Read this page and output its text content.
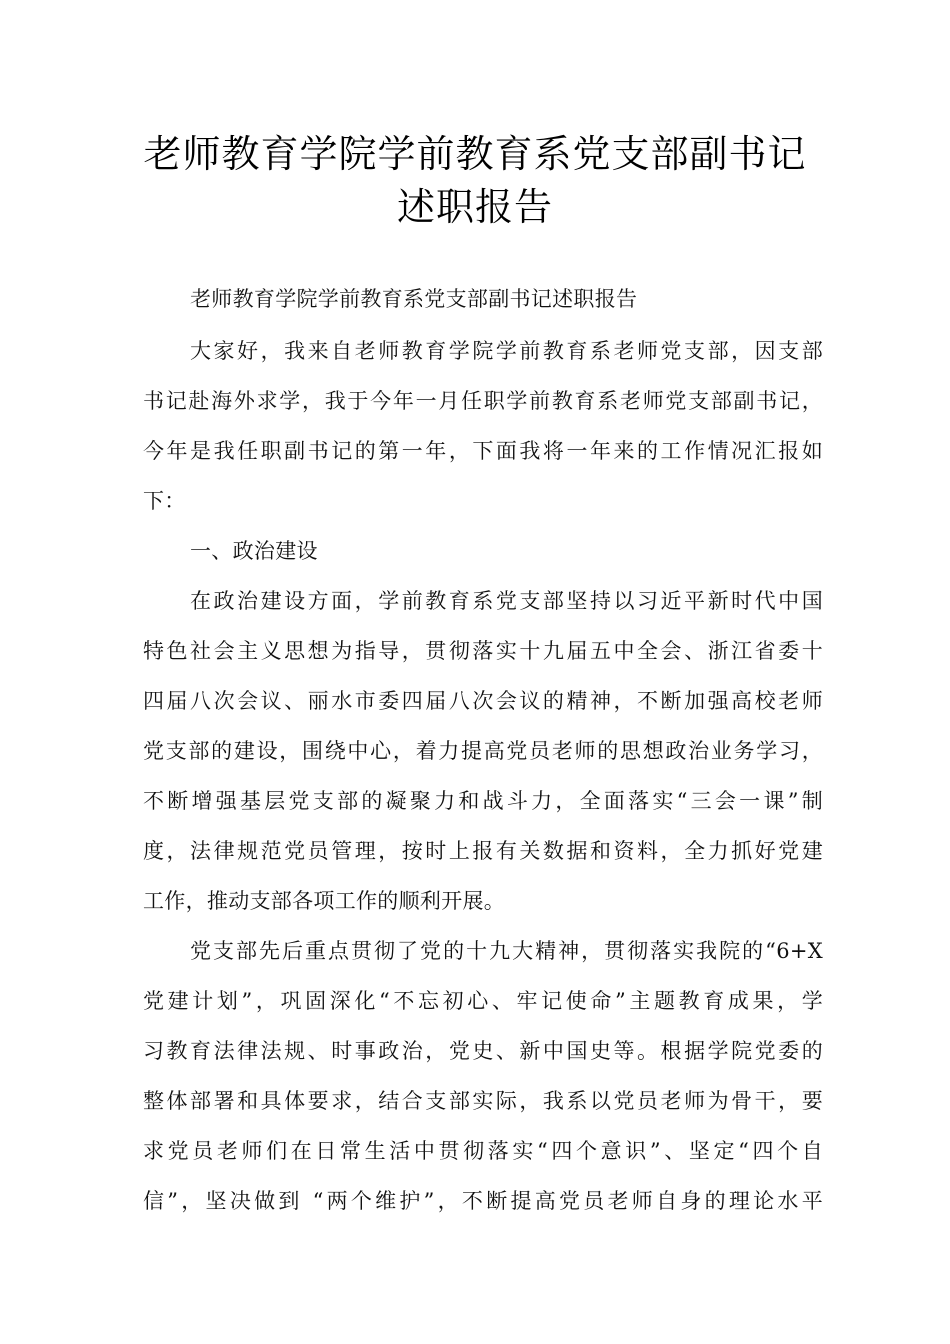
老师教育学院学前教育系党支部副书记
述职报告
老师教育学院学前教育系党支部副书记述职报告
大家好，我来自老师教育学院学前教育系老师党支部，因支部
书记赴海外求学，我于今年一月任职学前教育系老师党支部副书记，
今年是我任职副书记的第一年，下面我将一年来的工作情况汇报如
下：
一、政治建设
在政治建设方面，学前教育系党支部坚持以习近平新时代中国
特色社会主义思想为指导，贯彻落实十九届五中全会、浙江省委十
四届八次会议、丽水市委四届八次会议的精神，不断加强高校老师
党支部的建设，围绕中心，着力提高党员老师的思想政治业务学习，
不断增强基层党支部的凝聚力和战斗力，全面落实“三会一课”制
度，法律规范党员管理，按时上报有关数据和资料，全力抓好党建
工作，推动支部各项工作的顺利开展。
党支部先后重点贯彻了党的十九大精神，贯彻落实我院的“6+X
党建计划”，巩固深化“不忘初心、牢记使命”主题教育成果，学
习教育法律法规、时事政治，党史、新中国史等。根据学院党委的
整体部署和具体要求，结合支部实际，我系以党员老师为骨干，要
求党员老师们在日常生活中贯彻落实“四个意识”、坚定“四个自
信”，坚决做到 “两个维护”，不断提高党员老师自身的理论水平
